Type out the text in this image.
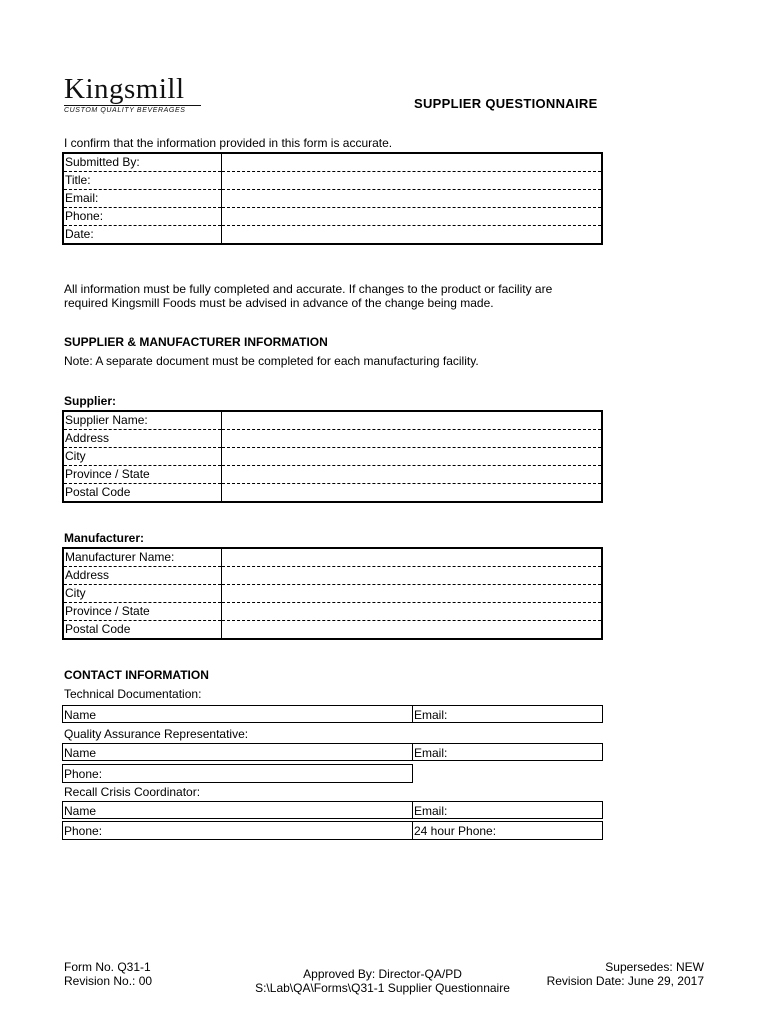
Kingsmill
CUSTOM QUALITY BEVERAGES	SUPPLIER QUESTIONNAIRE
I confirm that the information provided in this form is accurate.
Submitted By:	
Title:	
Email:	
Phone:	
Date:	
All information must be fully completed and accurate. If changes to the product or facility are
required Kingsmill Foods must be advised in advance of the change being made.
SUPPLIER & MANUFACTURER INFORMATION
Note: A separate document must be completed for each manufacturing facility.
Supplier:
Supplier Name:	
Address	
City	
Province / State	
Postal Code	
Manufacturer:
Manufacturer Name:	
Address	
City	
Province / State	
Postal Code	
CONTACT INFORMATION
Technical Documentation:
Name	Email:
Quality Assurance Representative:
Name	Email:
Phone:
Recall Crisis Coordinator:
Name	Email:
Phone:	24 hour Phone:
Form No. Q31-1
Revision No.: 00	Approved By: Director-QA/PD
S:\Lab\QA\Forms\Q31-1 Supplier Questionnaire
Supersedes: NEW
Revision Date: June 29, 2017
